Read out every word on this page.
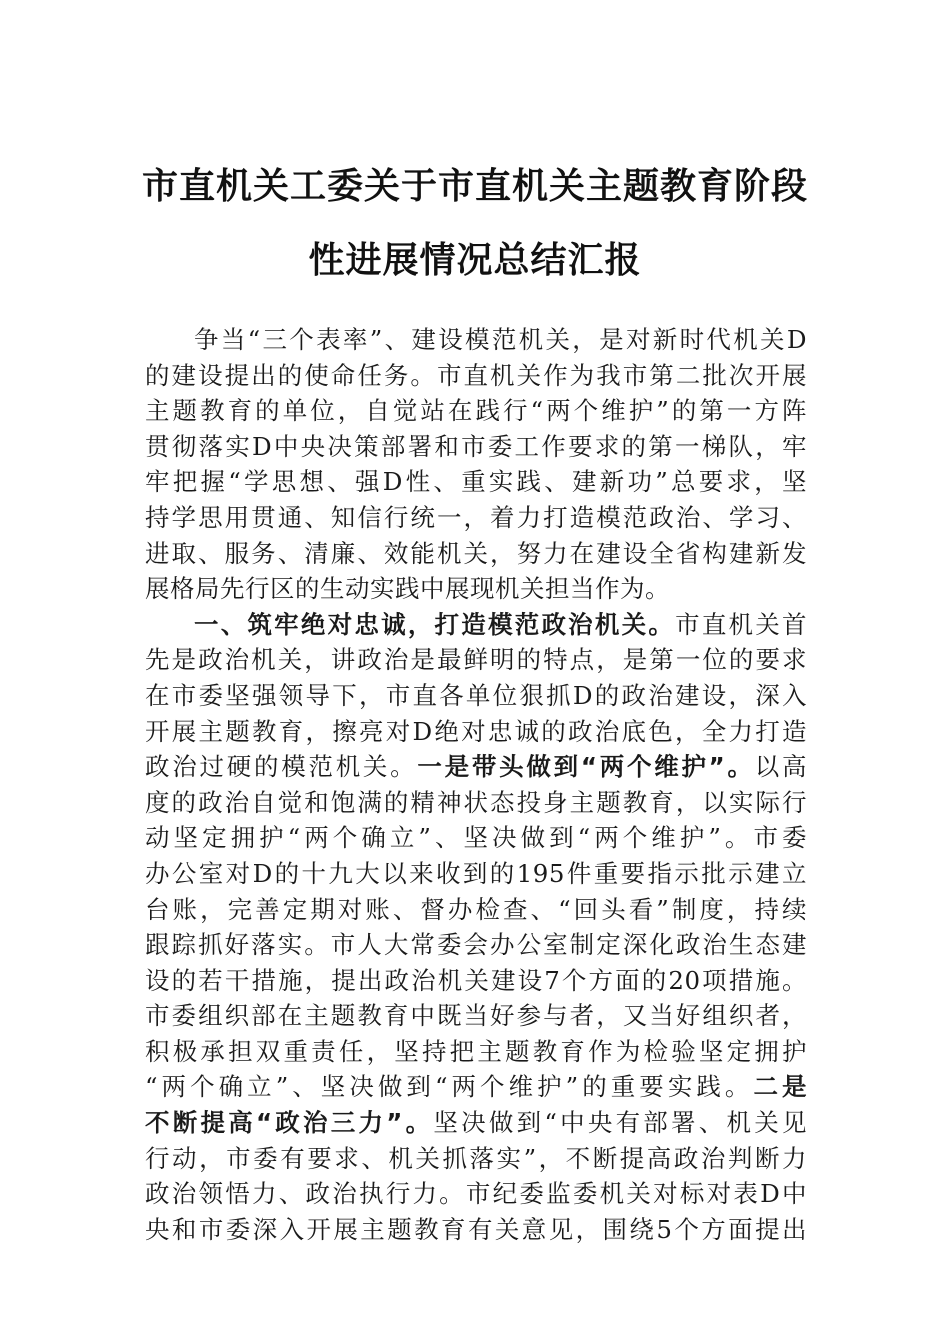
市直机关工委关于市直机关主题教育阶段
性进展情况总结汇报
争当“三个表率”、建设模范机关，是对新时代机关D
的建设提出的使命任务。市直机关作为我市第二批次开展
主题教育的单位，自觉站在践行“两个维护”的第一方阵
贯彻落实D中央决策部署和市委工作要求的第一梯队，牢
牢把握“学思想、强D性、重实践、建新功”总要求，坚
持学思用贯通、知信行统一，着力打造模范政治、学习、
进取、服务、清廉、效能机关，努力在建设全省构建新发
展格局先行区的生动实践中展现机关担当作为。
一、筑牢绝对忠诚，打造模范政治机关。市直机关首
先是政治机关，讲政治是最鲜明的特点，是第一位的要求
在市委坚强领导下，市直各单位狠抓D的政治建设，深入
开展主题教育，擦亮对D绝对忠诚的政治底色，全力打造
政治过硬的模范机关。一是带头做到“两个维护”。以高
度的政治自觉和饱满的精神状态投身主题教育，以实际行
动坚定拥护“两个确立”、坚决做到“两个维护”。市委
办公室对D的十九大以来收到的195件重要指示批示建立
台账，完善定期对账、督办检查、“回头看”制度，持续
跟踪抓好落实。市人大常委会办公室制定深化政治生态建
设的若干措施，提出政治机关建设7个方面的20项措施。
市委组织部在主题教育中既当好参与者，又当好组织者，
积极承担双重责任，坚持把主题教育作为检验坚定拥护
“两个确立”、坚决做到“两个维护”的重要实践。二是
不断提高“政治三力”。坚决做到“中央有部署、机关见
行动，市委有要求、机关抓落实”，不断提高政治判断力
政治领悟力、政治执行力。市纪委监委机关对标对表D中
央和市委深入开展主题教育有关意见，围绕5个方面提出
